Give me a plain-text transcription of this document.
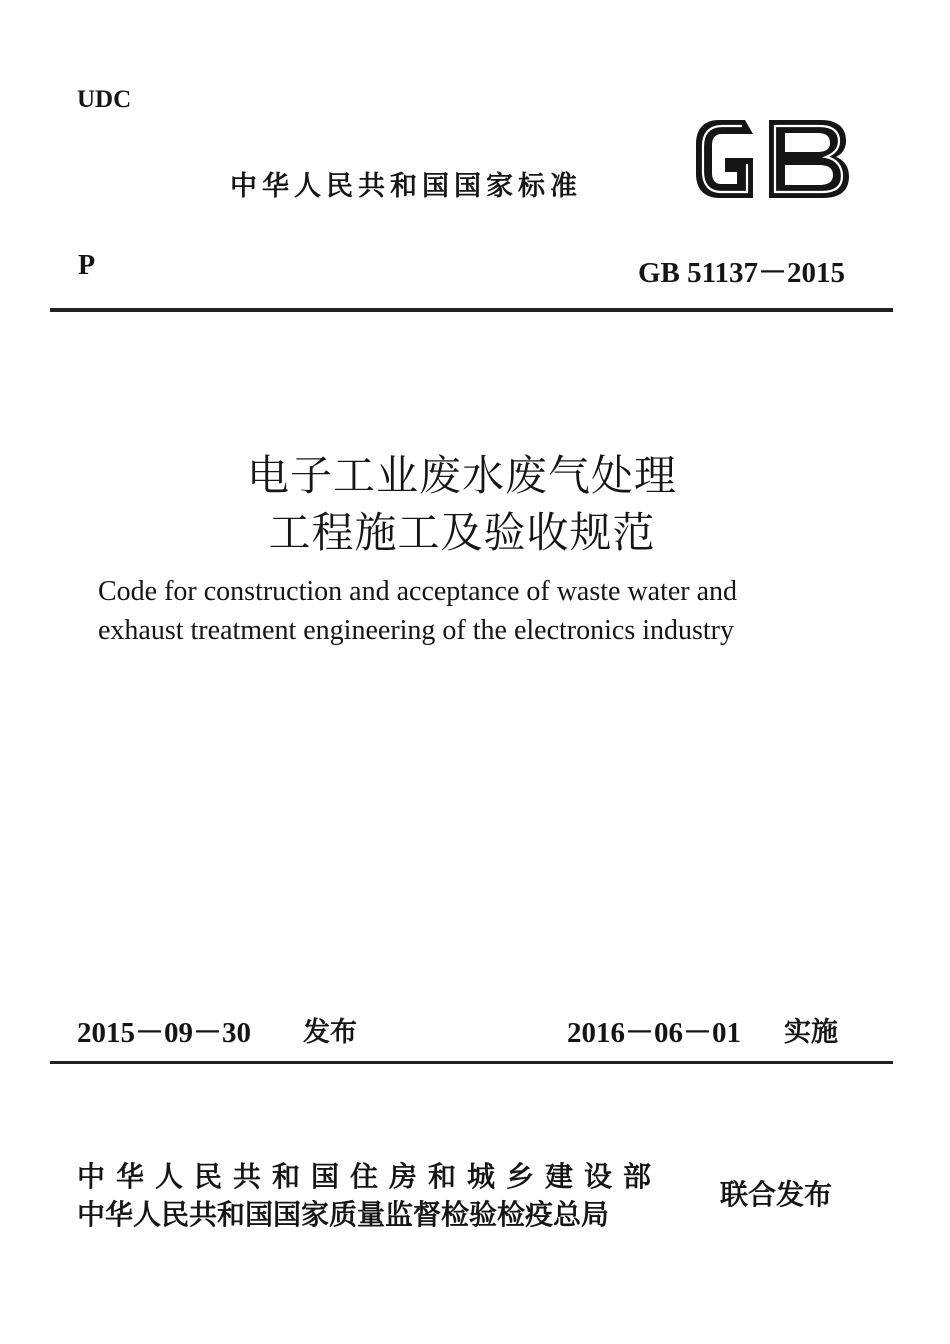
UDC
中华人民共和国国家标准
P	GB 51137－2015
电子工业废水废气处理
工程施工及验收规范
Code for construction and acceptance of waste water and
exhaust treatment engineering of the electronics industry
2015－09－30 发布	2016－06－01 实施
中华人民共和国住房和城乡建设部
中华人民共和国国家质量监督检验检疫总局
联合发布
